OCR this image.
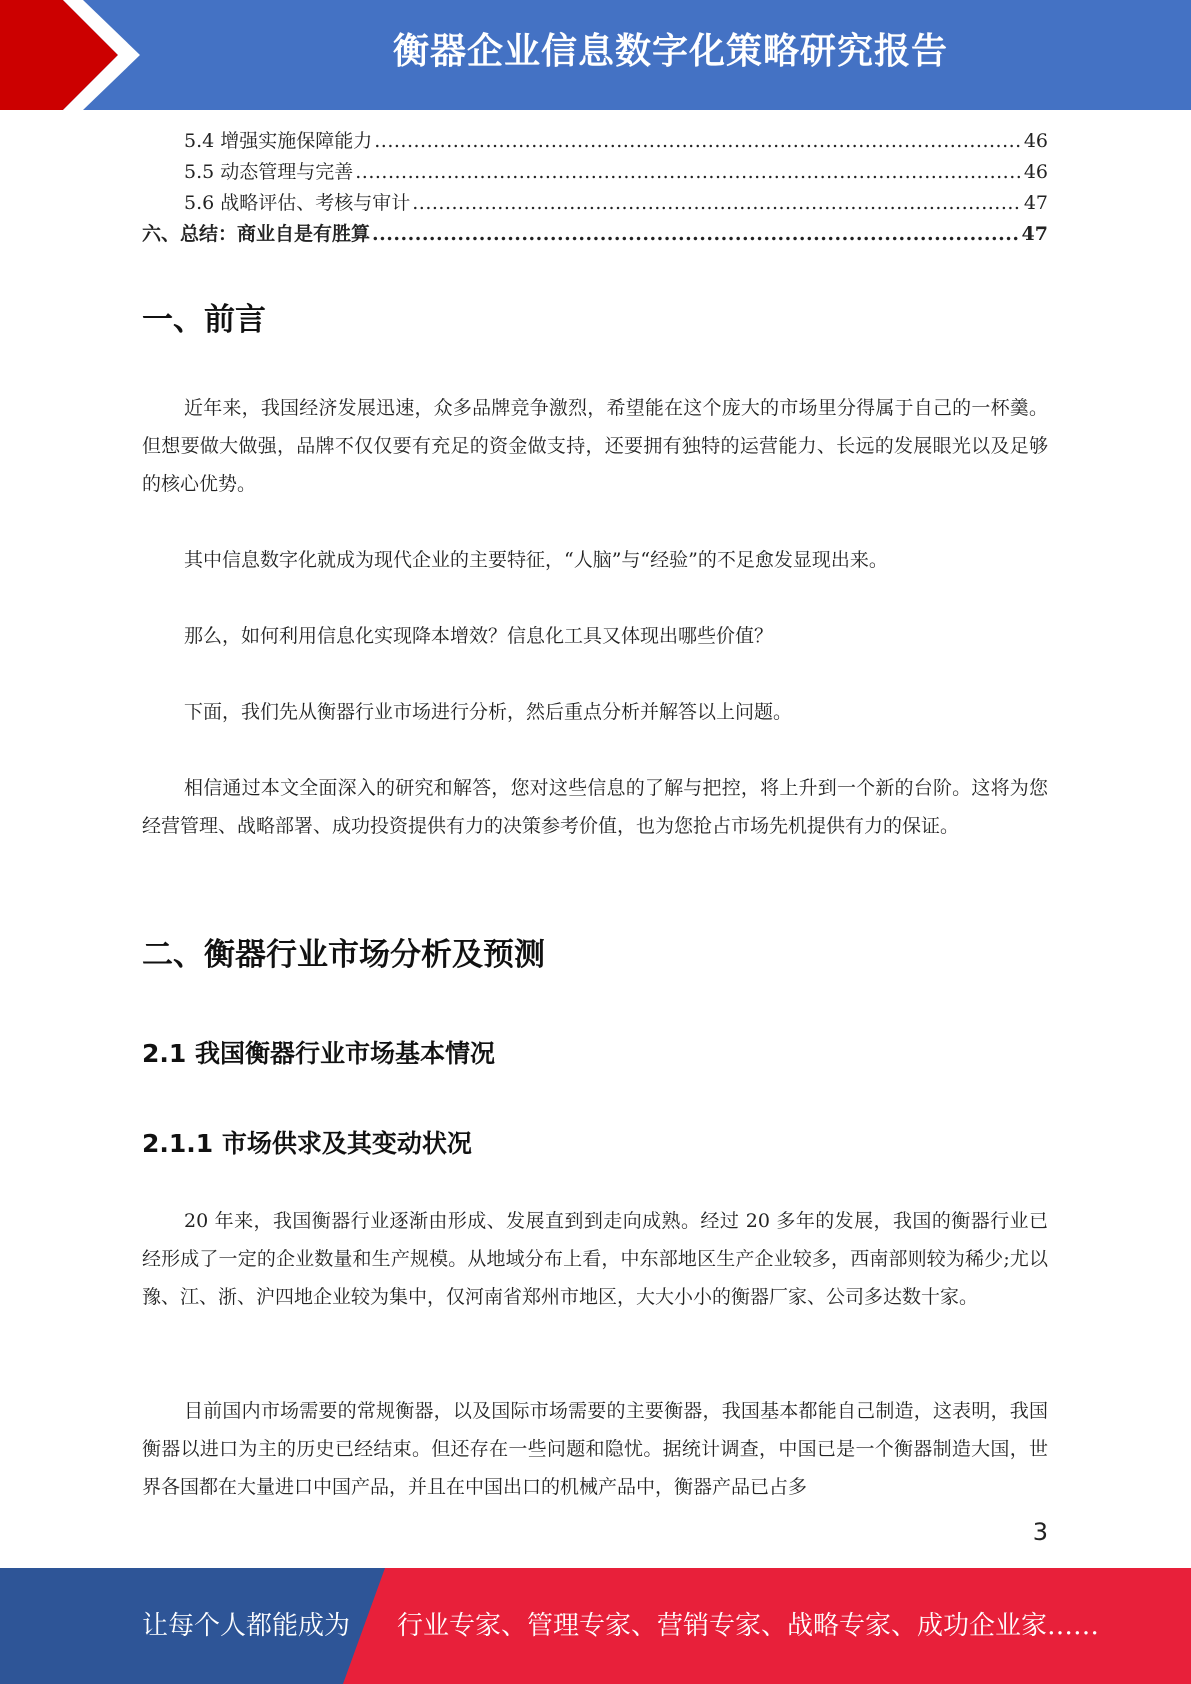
衡器企业信息数字化策略研究报告
5.4 增强实施保障能力 .....	46
5.5 动态管理与完善 .....	46
5.6 战略评估、考核与审计 .....	47
六、总结：商业自是有胜算 .....	47
一、前言

近年来，我国经济发展迅速，众多品牌竞争激烈，希望能在这个庞大的市场里分得属于自己的一杯羹。但想要做大做强，品牌不仅仅要有充足的资金做支持，还要拥有独特的运营能力、长远的发展眼光以及足够的核心优势。

其中信息数字化就成为现代企业的主要特征，“人脑”与“经验”的不足愈发显现出来。

那么，如何利用信息化实现降本增效？信息化工具又体现出哪些价值？

下面，我们先从衡器行业市场进行分析，然后重点分析并解答以上问题。

相信通过本文全面深入的研究和解答，您对这些信息的了解与把控，将上升到一个新的台阶。这将为您经营管理、战略部署、成功投资提供有力的决策参考价值，也为您抢占市场先机提供有力的保证。

二、衡器行业市场分析及预测
2.1 我国衡器行业市场基本情况
2.1.1 市场供求及其变动状况

20 年来，我国衡器行业逐渐由形成、发展直到到走向成熟。经过 20 多年的发展，我国的衡器行业已经形成了一定的企业数量和生产规模。从地域分布上看，中东部地区生产企业较多，西南部则较为稀少;尤以豫、江、浙、沪四地企业较为集中，仅河南省郑州市地区，大大小小的衡器厂家、公司多达数十家。

目前国内市场需要的常规衡器，以及国际市场需要的主要衡器，我国基本都能自己制造，这表明，我国衡器以进口为主的历史已经结束。但还存在一些问题和隐忧。据统计调查，中国已是一个衡器制造大国，世界各国都在大量进口中国产品，并且在中国出口的机械产品中，衡器产品已占多

3
让每个人都能成为 行业专家、管理专家、营销专家、战略专家、成功企业家……
